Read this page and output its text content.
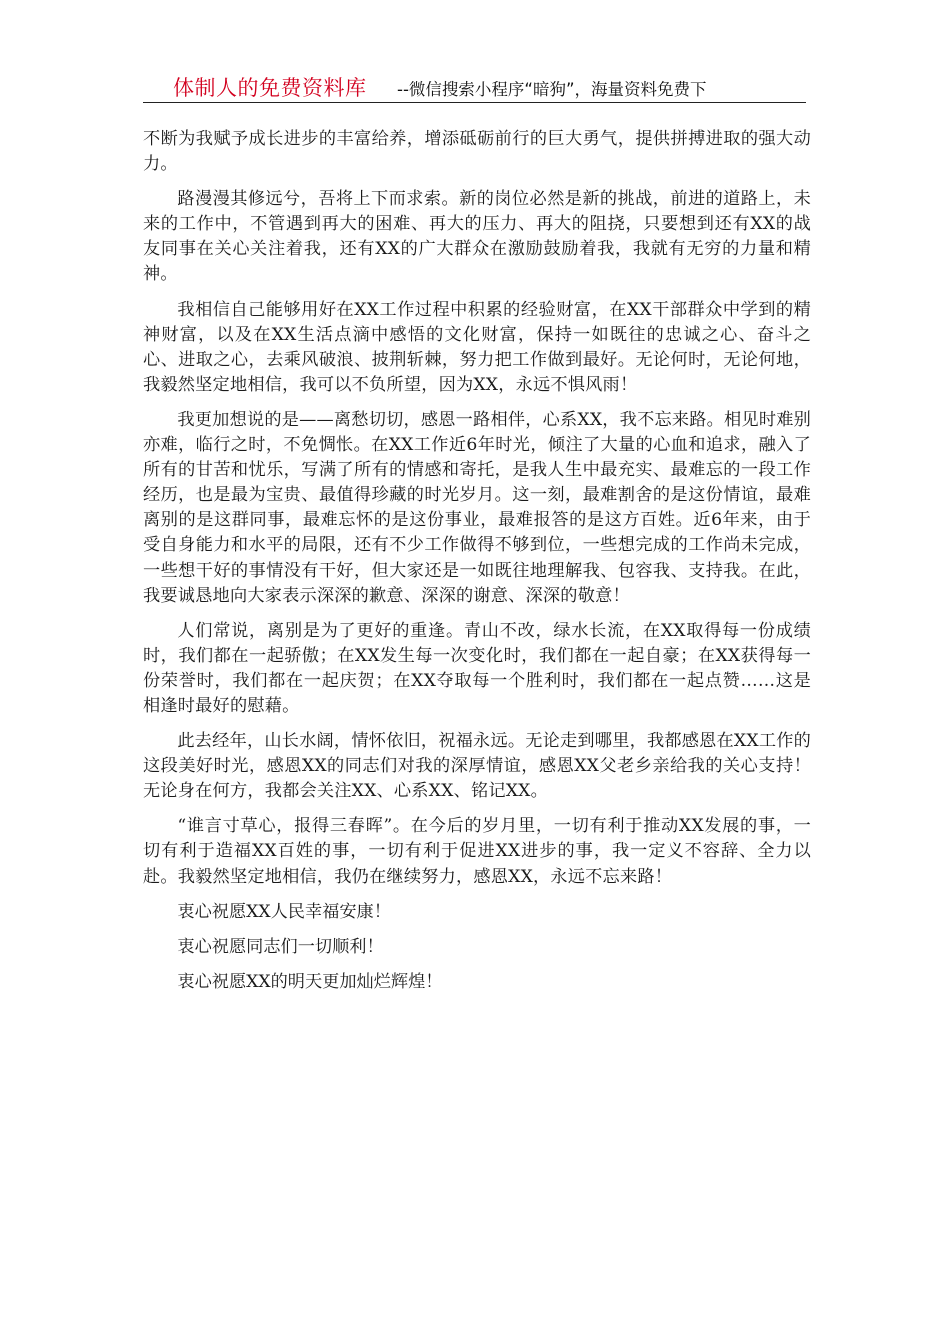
体制人的免费资料库 --微信搜索小程序“暗狗”，海量资料免费下

不断为我赋予成长进步的丰富给养，增添砥砺前行的巨大勇气，提供拼搏进取的强大动力。

路漫漫其修远兮，吾将上下而求索。新的岗位必然是新的挑战，前进的道路上，未来的工作中，不管遇到再大的困难、再大的压力、再大的阻挠，只要想到还有XX的战友同事在关心关注着我，还有XX的广大群众在激励鼓励着我，我就有无穷的力量和精神。

我相信自己能够用好在XX工作过程中积累的经验财富，在XX干部群众中学到的精神财富，以及在XX生活点滴中感悟的文化财富，保持一如既往的忠诚之心、奋斗之心、进取之心，去乘风破浪、披荆斩棘，努力把工作做到最好。无论何时，无论何地，我毅然坚定地相信，我可以不负所望，因为XX，永远不惧风雨！

我更加想说的是——离愁切切，感恩一路相伴，心系XX，我不忘来路。相见时难别亦难，临行之时，不免惆怅。在XX工作近6年时光，倾注了大量的心血和追求，融入了所有的甘苦和忧乐，写满了所有的情感和寄托，是我人生中最充实、最难忘的一段工作经历，也是最为宝贵、最值得珍藏的时光岁月。这一刻，最难割舍的是这份情谊，最难离别的是这群同事，最难忘怀的是这份事业，最难报答的是这方百姓。近6年来，由于受自身能力和水平的局限，还有不少工作做得不够到位，一些想完成的工作尚未完成，一些想干好的事情没有干好，但大家还是一如既往地理解我、包容我、支持我。在此，我要诚恳地向大家表示深深的歉意、深深的谢意、深深的敬意！

人们常说，离别是为了更好的重逢。青山不改，绿水长流，在XX取得每一份成绩时，我们都在一起骄傲；在XX发生每一次变化时，我们都在一起自豪；在XX获得每一份荣誉时，我们都在一起庆贺；在XX夺取每一个胜利时，我们都在一起点赞……这是相逢时最好的慰藉。

此去经年，山长水阔，情怀依旧，祝福永远。无论走到哪里，我都感恩在XX工作的这段美好时光，感恩XX的同志们对我的深厚情谊，感恩XX父老乡亲给我的关心支持！无论身在何方，我都会关注XX、心系XX、铭记XX。

“谁言寸草心，报得三春晖”。在今后的岁月里，一切有利于推动XX发展的事，一切有利于造福XX百姓的事，一切有利于促进XX进步的事，我一定义不容辞、全力以赴。我毅然坚定地相信，我仍在继续努力，感恩XX，永远不忘来路！

衷心祝愿XX人民幸福安康！

衷心祝愿同志们一切顺利！

衷心祝愿XX的明天更加灿烂辉煌！
